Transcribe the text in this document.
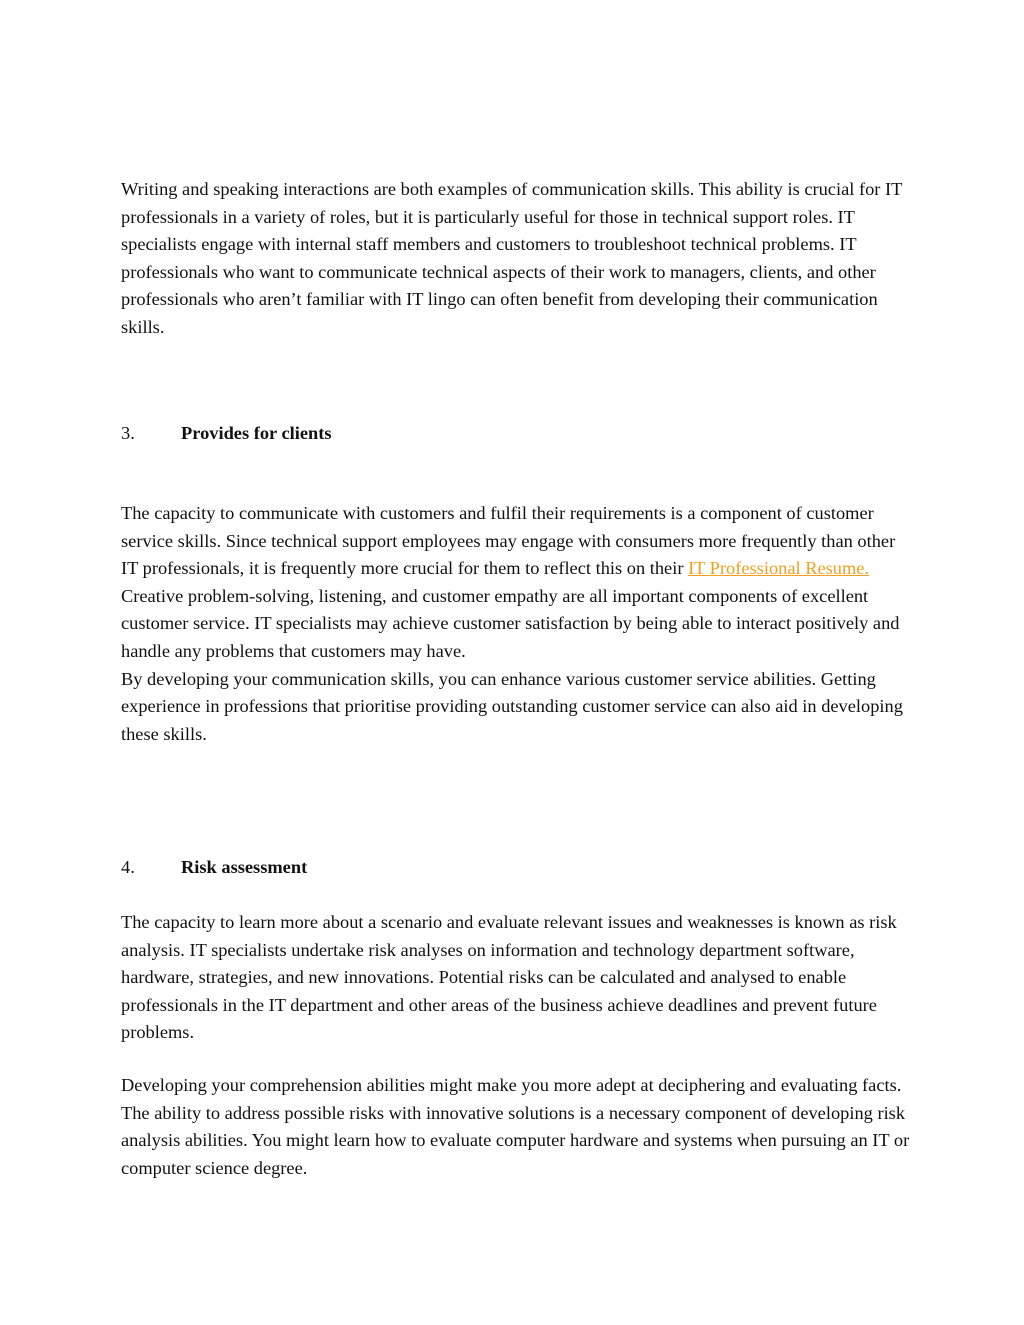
Writing and speaking interactions are both examples of communication skills. This ability is crucial for IT professionals in a variety of roles, but it is particularly useful for those in technical support roles. IT specialists engage with internal staff members and customers to troubleshoot technical problems. IT professionals who want to communicate technical aspects of their work to managers, clients, and other professionals who aren’t familiar with IT lingo can often benefit from developing their communication skills.

3.	Provides for clients
The capacity to communicate with customers and fulfil their requirements is a component of customer service skills. Since technical support employees may engage with consumers more frequently than other IT professionals, it is frequently more crucial for them to reflect this on their IT Professional Resume. Creative problem-solving, listening, and customer empathy are all important components of excellent customer service. IT specialists may achieve customer satisfaction by being able to interact positively and handle any problems that customers may have.
By developing your communication skills, you can enhance various customer service abilities. Getting experience in professions that prioritise providing outstanding customer service can also aid in developing these skills.
4.	Risk assessment

The capacity to learn more about a scenario and evaluate relevant issues and weaknesses is known as risk analysis. IT specialists undertake risk analyses on information and technology department software, hardware, strategies, and new innovations. Potential risks can be calculated and analysed to enable professionals in the IT department and other areas of the business achieve deadlines and prevent future problems.

Developing your comprehension abilities might make you more adept at deciphering and evaluating facts. The ability to address possible risks with innovative solutions is a necessary component of developing risk analysis abilities. You might learn how to evaluate computer hardware and systems when pursuing an IT or computer science degree.
